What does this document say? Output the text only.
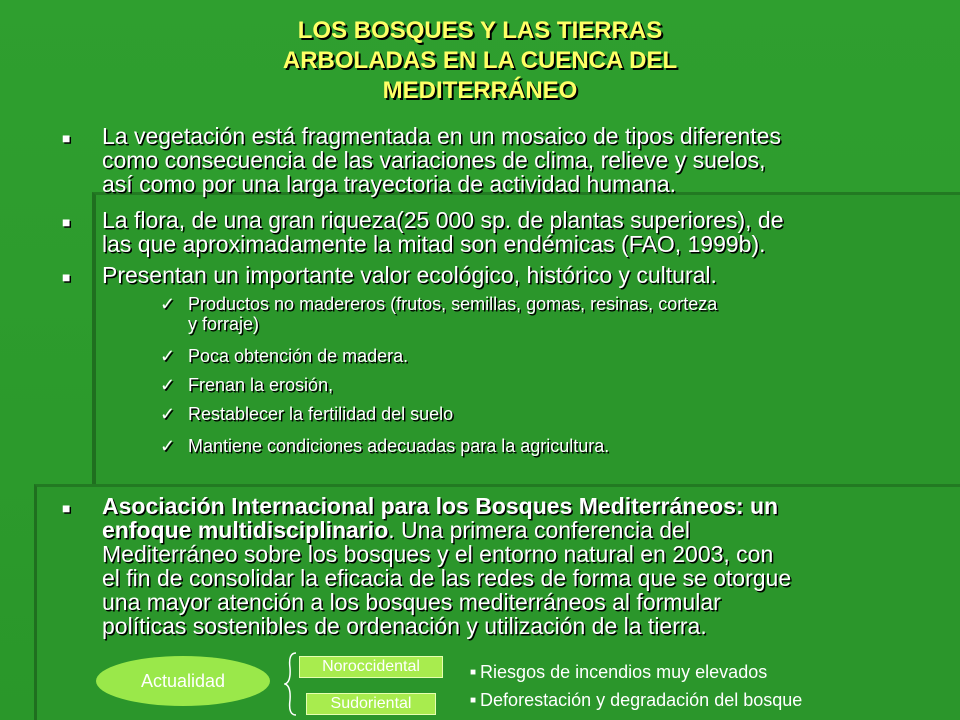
LOS BOSQUES Y LAS TIERRAS
ARBOLADAS EN LA CUENCA DEL
MEDITERRÁNEO
■ La vegetación está fragmentada en un mosaico de tipos diferentes
como consecuencia de las variaciones de clima, relieve y suelos,
así como por una larga trayectoria de actividad humana.
■ La flora, de una gran riqueza(25 000 sp. de plantas superiores), de
las que aproximadamente la mitad son endémicas (FAO, 1999b).
■ Presentan un importante valor ecológico, histórico y cultural.
✓ Productos no madereros (frutos, semillas, gomas, resinas, corteza
y forraje)
✓ Poca obtención de madera.
✓ Frenan la erosión,
✓ Restablecer la fertilidad del suelo
✓ Mantiene condiciones adecuadas para la agricultura.
■ Asociación Internacional para los Bosques Mediterráneos: un
enfoque multidisciplinario. Una primera conferencia del
Mediterráneo sobre los bosques y el entorno natural en 2003, con
el fin de consolidar la eficacia de las redes de forma que se otorgue
una mayor atención a los bosques mediterráneos al formular
políticas sostenibles de ordenación y utilización de la tierra.
Actualidad
Noroccidental
Sudoriental
■ Riesgos de incendios muy elevados
■ Deforestación y degradación del bosque
